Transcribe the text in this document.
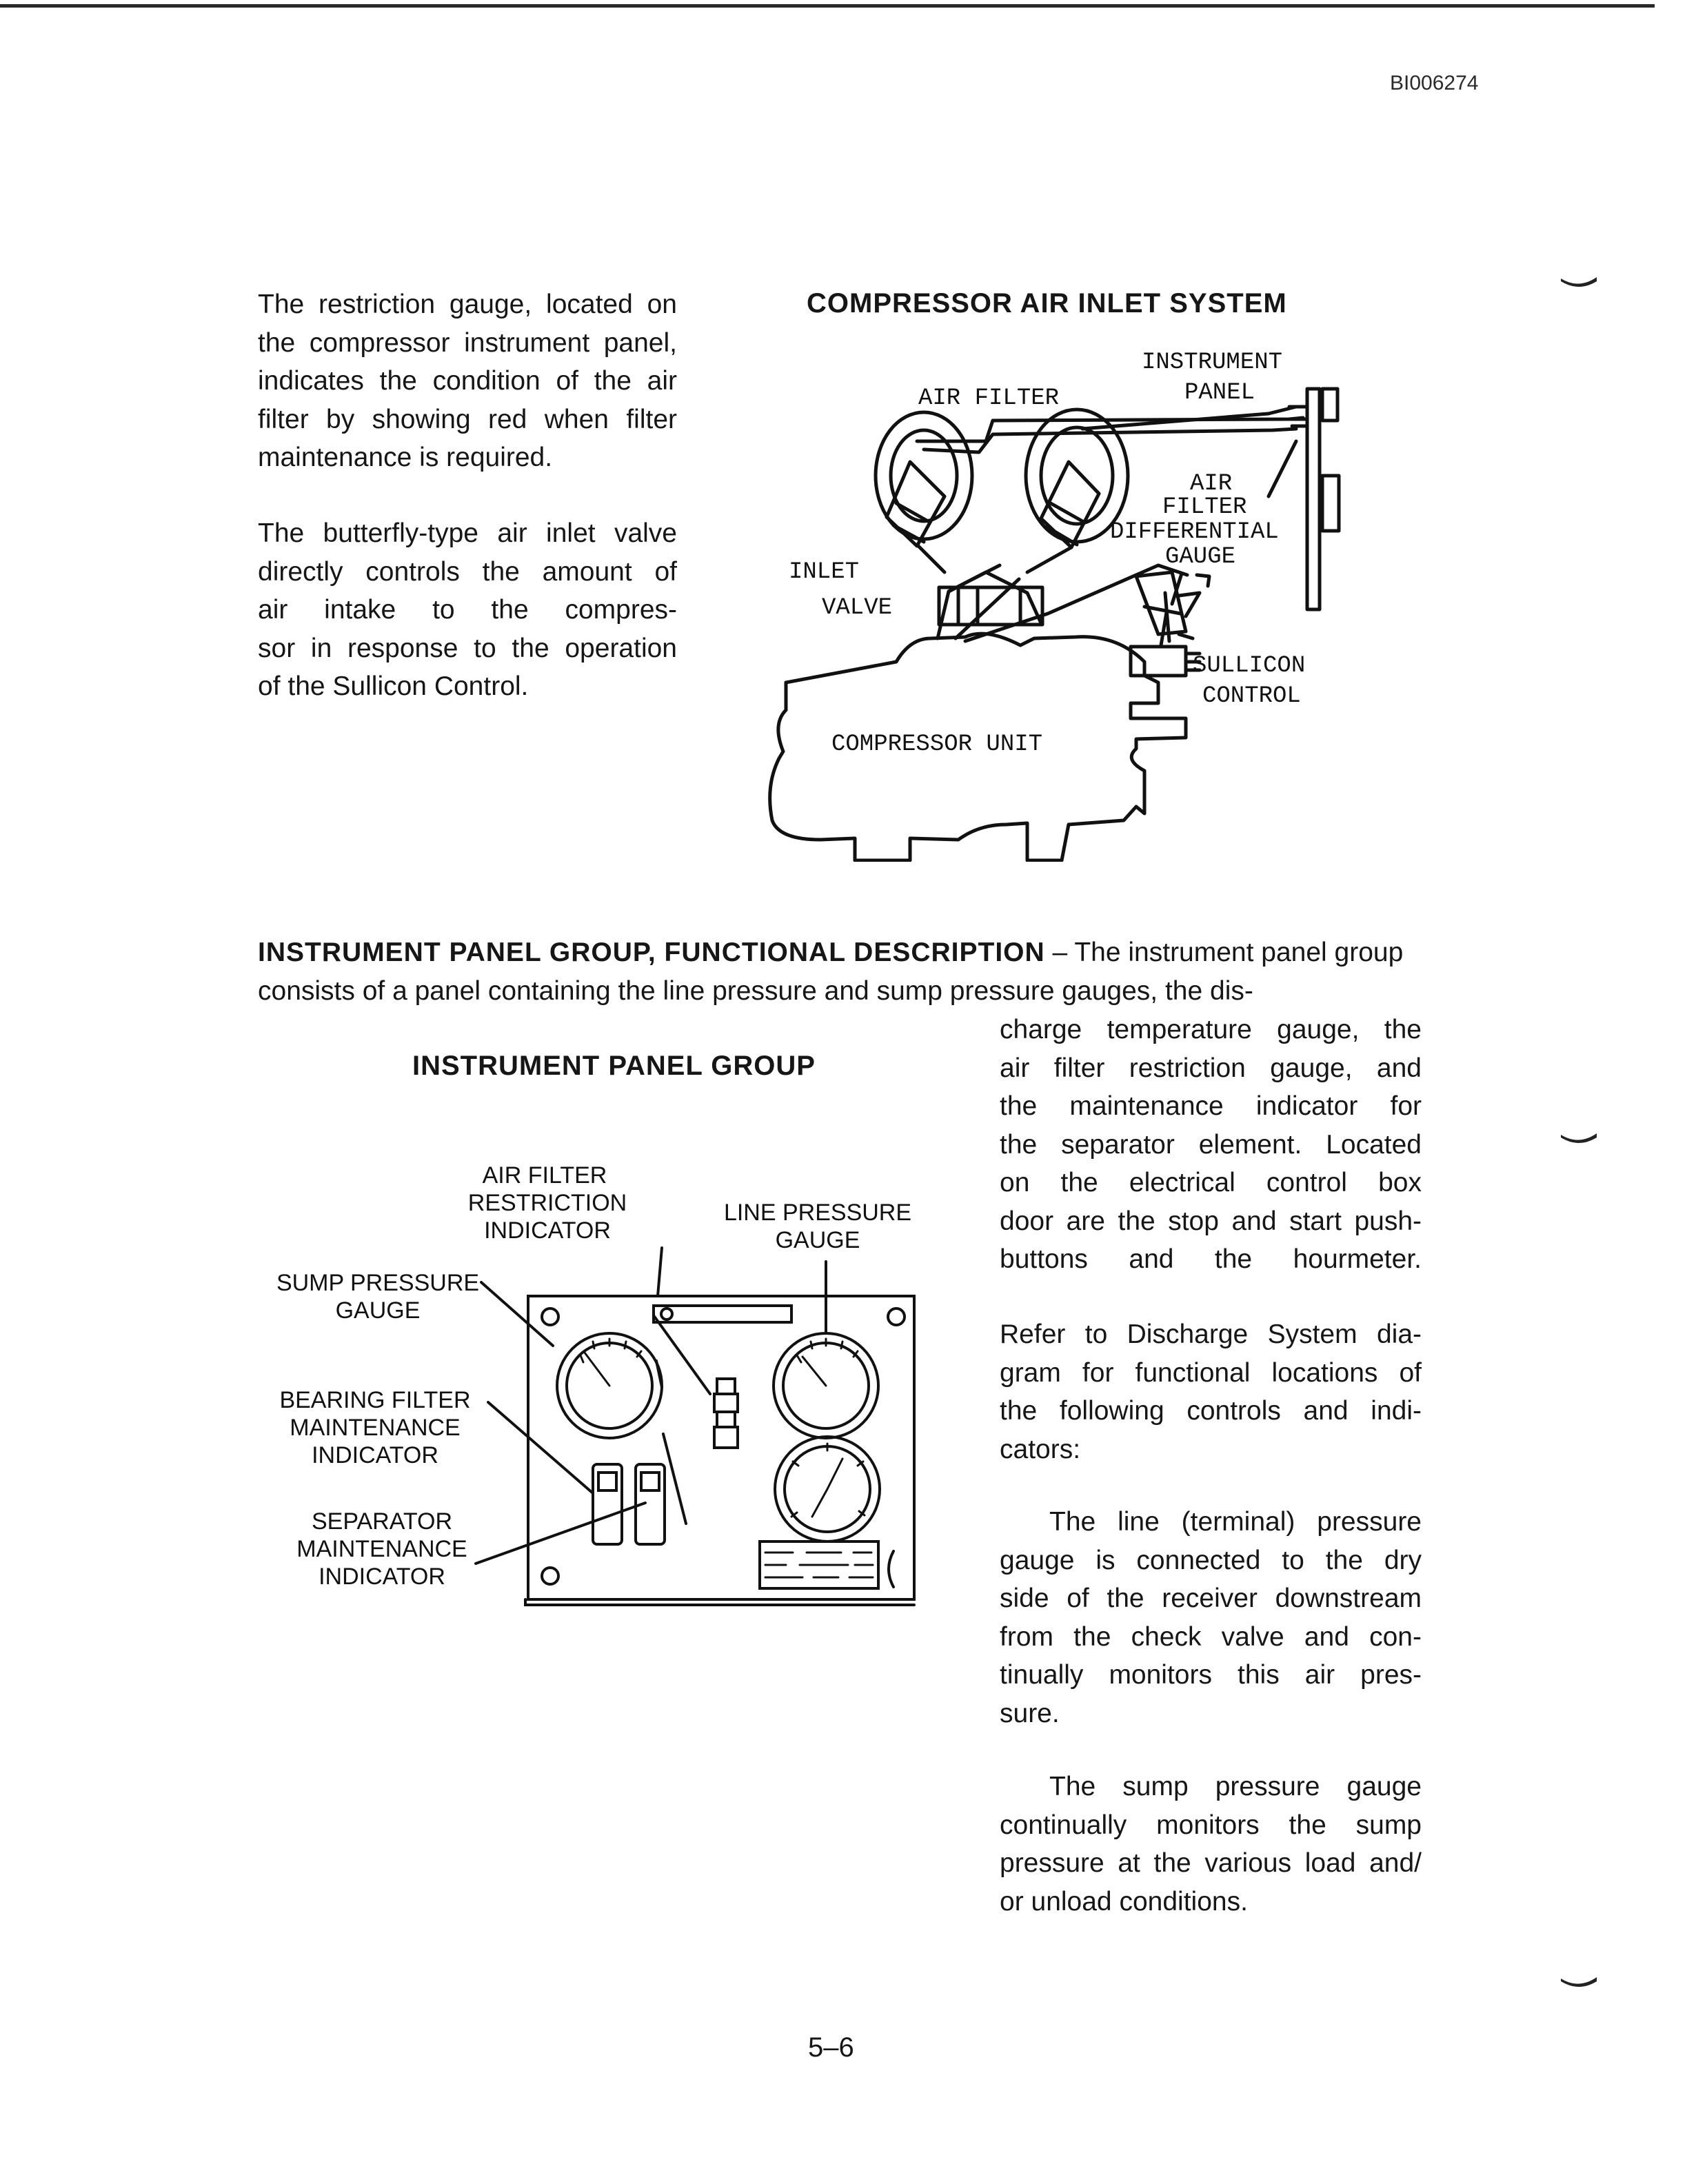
BI006274
The restriction gauge, located on
the compressor instrument panel,
indicates the condition of the air
filter by showing red when filter
maintenance is required.
The butterfly-type air inlet valve
directly controls the amount of
air intake to the compres-
sor in response to the operation
of the Sullicon Control.
COMPRESSOR AIR INLET SYSTEM
AIR FILTER
INSTRUMENT
PANEL
AIR
FILTER
DIFFERENTIAL
GAUGE
INLET
VALVE
SULLICON
CONTROL
COMPRESSOR UNIT

INSTRUMENT PANEL GROUP, FUNCTIONAL DESCRIPTION – The instrument panel group consists of a panel containing the line pressure and sump pressure gauges, the dis-

INSTRUMENT PANEL GROUP
AIR FILTER
RESTRICTION
INDICATOR
LINE PRESSURE
GAUGE
SUMP PRESSURE
GAUGE
BEARING FILTER
MAINTENANCE
INDICATOR
SEPARATOR
MAINTENANCE
INDICATOR
charge temperature gauge, the
air filter restriction gauge, and
the maintenance indicator for
the separator element. Located
on the electrical control box
door are the stop and start push-
buttons and the hourmeter.
Refer to Discharge System dia-
gram for functional locations of
the following controls and indi-
cators:
The line (terminal) pressure
gauge is connected to the dry
side of the receiver downstream
from the check valve and con-
tinually monitors this air pres-
sure.
The sump pressure gauge
continually monitors the sump
pressure at the various load and/
or unload conditions.
5–6
